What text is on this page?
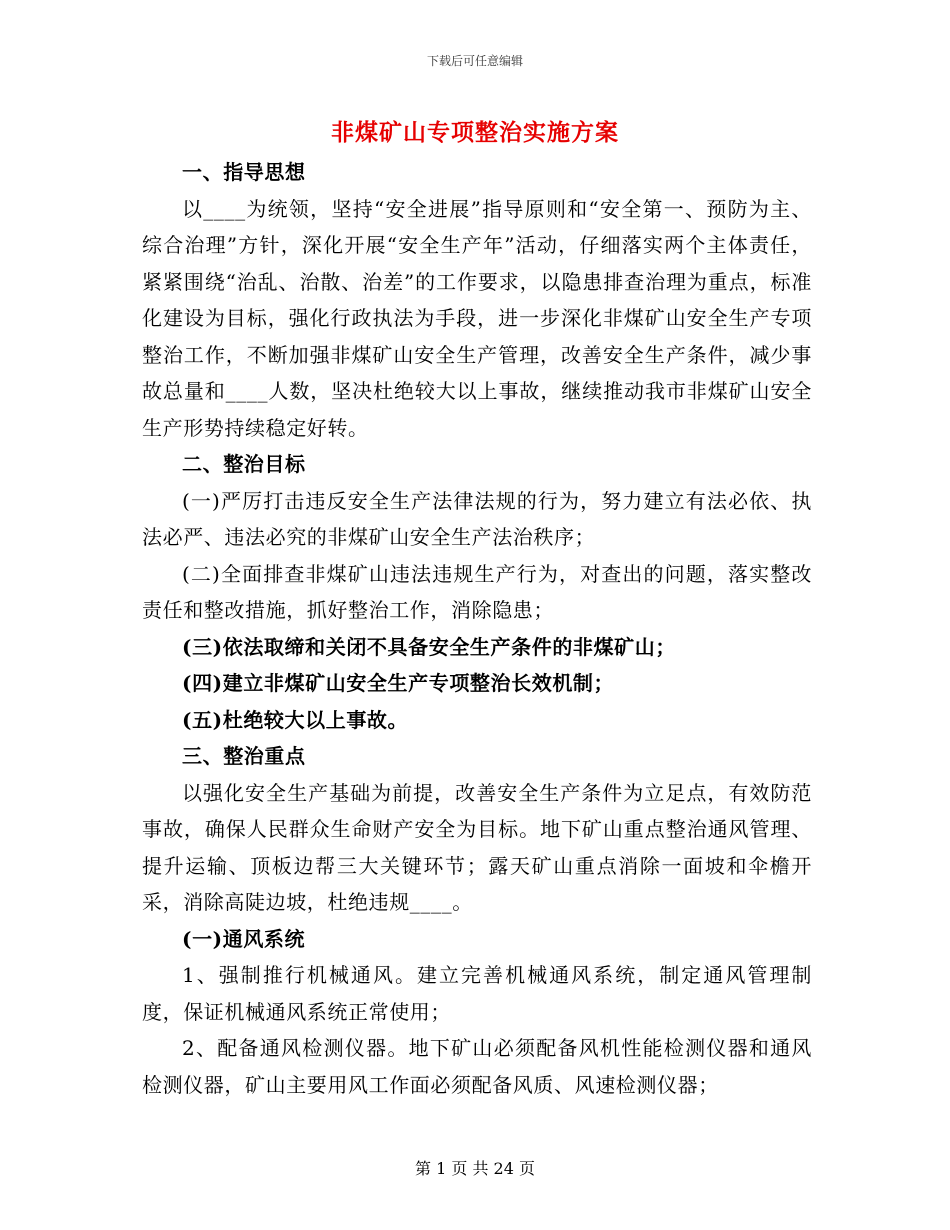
下载后可任意编辑
非煤矿山专项整治实施方案

一、指导思想

以____为统领，坚持“安全进展”指导原则和“安全第一、预防为主、综合治理”方针，深化开展“安全生产年”活动，仔细落实两个主体责任，紧紧围绕“治乱、治散、治差”的工作要求，以隐患排查治理为重点，标准化建设为目标，强化行政执法为手段，进一步深化非煤矿山安全生产专项整治工作，不断加强非煤矿山安全生产管理，改善安全生产条件，减少事故总量和____人数，坚决杜绝较大以上事故，继续推动我市非煤矿山安全生产形势持续稳定好转。

二、整治目标

(一)严厉打击违反安全生产法律法规的行为，努力建立有法必依、执法必严、违法必究的非煤矿山安全生产法治秩序；

(二)全面排查非煤矿山违法违规生产行为，对查出的问题，落实整改责任和整改措施，抓好整治工作，消除隐患；

(三)依法取缔和关闭不具备安全生产条件的非煤矿山；

(四)建立非煤矿山安全生产专项整治长效机制；

(五)杜绝较大以上事故。

三、整治重点

以强化安全生产基础为前提，改善安全生产条件为立足点，有效防范事故，确保人民群众生命财产安全为目标。地下矿山重点整治通风管理、提升运输、顶板边帮三大关键环节；露天矿山重点消除一面坡和伞檐开采，消除高陡边坡，杜绝违规____。

(一)通风系统

1、强制推行机械通风。建立完善机械通风系统，制定通风管理制度，保证机械通风系统正常使用；

2、配备通风检测仪器。地下矿山必须配备风机性能检测仪器和通风检测仪器，矿山主要用风工作面必须配备风质、风速检测仪器；

第 1 页 共 24 页
